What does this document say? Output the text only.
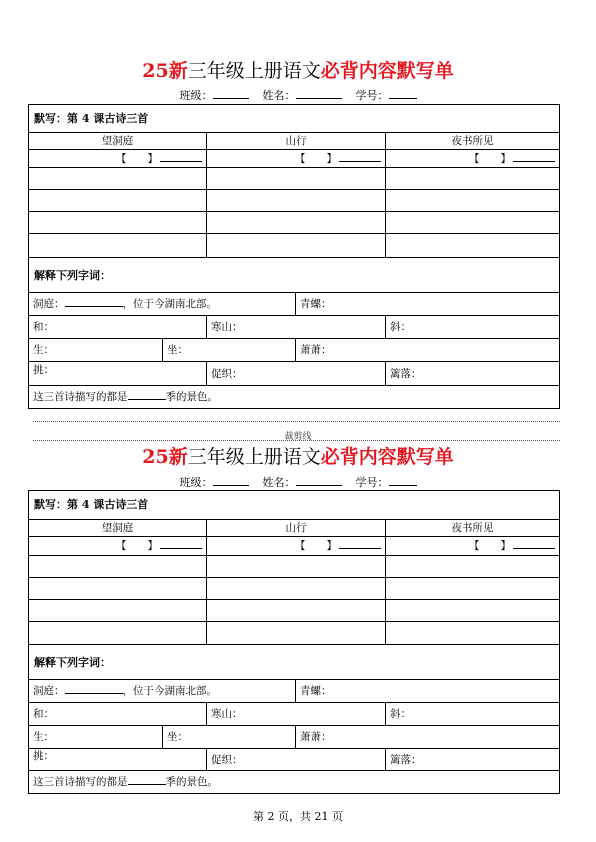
25新三年级上册语文必背内容默写单
班级：	姓名：	学号：
默写：第 4 课古诗三首
望洞庭	山行	夜书所见
【　　】	【　　】	【　　】
解释下列字词：
洞庭：	，位于今湖南北部。	青螺：
和：	寒山：	斜：
生：	坐：	萧萧：
挑：	促织：	篱落：
这三首诗描写的都是	季的景色。
裁剪线
25新三年级上册语文必背内容默写单
班级：	姓名：	学号：
默写：第 4 课古诗三首
望洞庭	山行	夜书所见
【　　】	【　　】	【　　】
解释下列字词：
洞庭：	，位于今湖南北部。	青螺：
和：	寒山：	斜：
生：	坐：	萧萧：
挑：	促织：	篱落：
这三首诗描写的都是	季的景色。
第 2 页，共 21 页
